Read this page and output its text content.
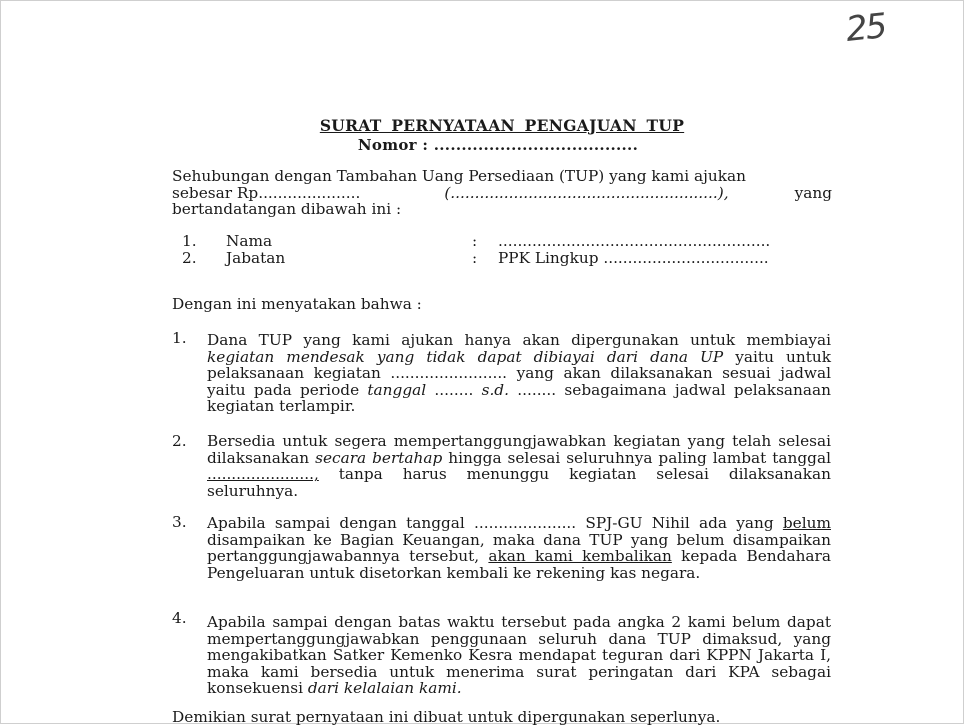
25
SURAT PERNYATAAN PENGAJUAN TUP
Nomor : .....................................
Sehubungan dengan Tambahan Uang Persediaan (TUP) yang kami ajukan
sebesar Rp.....................	(.......................................................),	yang
bertandatangan dibawah ini :
1. Nama	: ........................................................
2. Jabatan	: PPK Lingkup ..................................
Dengan ini menyatakan bahwa :
1. Dana TUP yang kami ajukan hanya akan dipergunakan untuk membiayai kegiatan mendesak yang tidak dapat dibiayai dari dana UP yaitu untuk pelaksanaan kegiatan ........................ yang akan dilaksanakan sesuai jadwal yaitu pada periode tanggal ........ s.d. ........ sebagaimana jadwal pelaksanaan kegiatan terlampir.
2. Bersedia untuk segera mempertanggungjawabkan kegiatan yang telah selesai dilaksanakan secara bertahap hingga selesai seluruhnya paling lambat tanggal ......................, tanpa harus menunggu kegiatan selesai dilaksanakan seluruhnya.
3. Apabila sampai dengan tanggal ..................... SPJ-GU Nihil ada yang belum disampaikan ke Bagian Keuangan, maka dana TUP yang belum disampaikan pertanggungjawabannya tersebut, akan kami kembalikan kepada Bendahara Pengeluaran untuk disetorkan kembali ke rekening kas negara.
4. Apabila sampai dengan batas waktu tersebut pada angka 2 kami belum dapat mempertanggungjawabkan penggunaan seluruh dana TUP dimaksud, yang mengakibatkan Satker Kemenko Kesra mendapat teguran dari KPPN Jakarta I, maka kami bersedia untuk menerima surat peringatan dari KPA sebagai konsekuensi dari kelalaian kami.
Demikian surat pernyataan ini dibuat untuk dipergunakan seperlunya.
